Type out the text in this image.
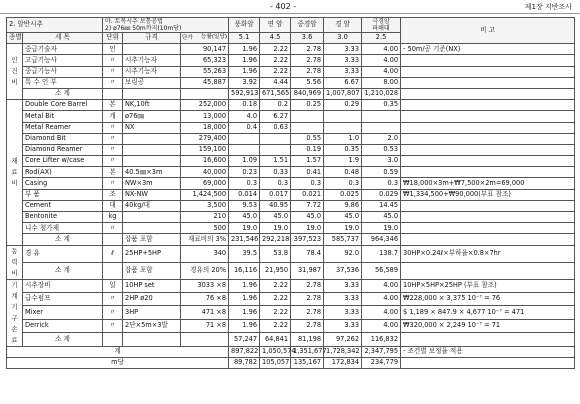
- 402 -	제1장 지반조사
2. 암반시추		마. 토목시추 보통공법
2) ø76㎜ 50m까지(10m당)			풍화암	연 암	중경암	경 암	극경암
파쇄대	비 고
종별	세 목	단위	규격	단가 능률(일당)	5.1	4.5	3.6	3.0	2.5	
인 건 비	중급기술자	인		90,147	1.96	2.22	2.78	3.33	4.00	- 50m/공 기준(NX)
	고급기능사	〃	시추기능자	65,323	1.96	2.22	2.78	3.33	4.00	
	중급기능사	〃	시추기능자	55,263	1.96	2.22	2.78	3.33	4.00	
	특 수 인 부	〃	보링공	45,887	3.92	4.44	5.56	6.67	8.00	
	소 계				592,913	671,565	840,969	1,007,807	1,210,028	
재 료 비	Double Core Barrel	본	NK,10ft	252,000	0.18	0.2	0.25	0.29	0.35	
	Metal Bit	개	ø76㎜	13,000	4.0	6.27				
	Metal Reamer	〃	NX	18,000	0.4	0.63				
	Diamond Bit	〃		279,400			0.55	1.0	2.0	
	Diamond Reamer	〃		159,100			0.19	0.35	0.53	
	Core Lifter w/case	〃		16,600	1.09	1.51	1.57	1.9	3.0	
	Rod(AX)	본	40.5㎜×3m	40,000	0.23	0.33	0.41	0.48	0.59	
	Casing	〃	NW×3m	69,000	0.3	0.3	0.3	0.3	0.3	₩18,000×3m+₩7,500×2m=69,000
	부 품	조	NX-NW	1,424,500	0.014	0.017	0.021	0.025	0.029	₩1,334,500+₩90,000(부표 참조)
	Cement	대	40kg/대	3,500	9.53	40.95	7.72	9.86	14.45	
	Bentonite	kg		210	45.0	45.0	45.0	45.0	45.0	
	니수 첨가제	〃		500	19.0	19.0	19.0	19.0	19.0	
	소 계		잡품 포함	재료비의 3%	231,546	292,218	397,523	585,737	964,346	
동 력 비	경 유	ℓ	25HP+5HP	340	39.5	53.8	78.4	92.0	138.7	30HP×0.24ℓ×부하율×0.8×7hr
	소 계		잡품 포함	경유의 20%	16,116	21,950	31,987	37,536	56,589	
기 계 기 구 손 료	시추장비	일	10HP set	3033 ×8	1.96	2.22	2.78	3.33	4.00	10HP×5HP×25HP (부표 참조)
	급수펌프	〃	2HP ø20	76 ×8	1.96	2.22	2.78	3.33	4.00	₩228,000 × 3,375 10⁻⁷ = 76
	Mixer	〃	3HP	471 ×8	1.96	2.22	2.78	3.33	4.00	$ 1,189 × 847.9 × 4,677 10⁻⁷ = 471
	Derrick	〃	2단×5m×3발	71 ×8	1.96	2.22	2.78	3.33	4.00	₩320,000 × 2,249 10⁻⁷ = 71
	소 계				57,247	64,841	81,198	97,262	116,832	
계					897,822	1,050,574	1,351,677	1,728,342	2,347,795	- 조건별 보정율 적용
m당					89,782	105,057	135,167	172,834	234,779	
